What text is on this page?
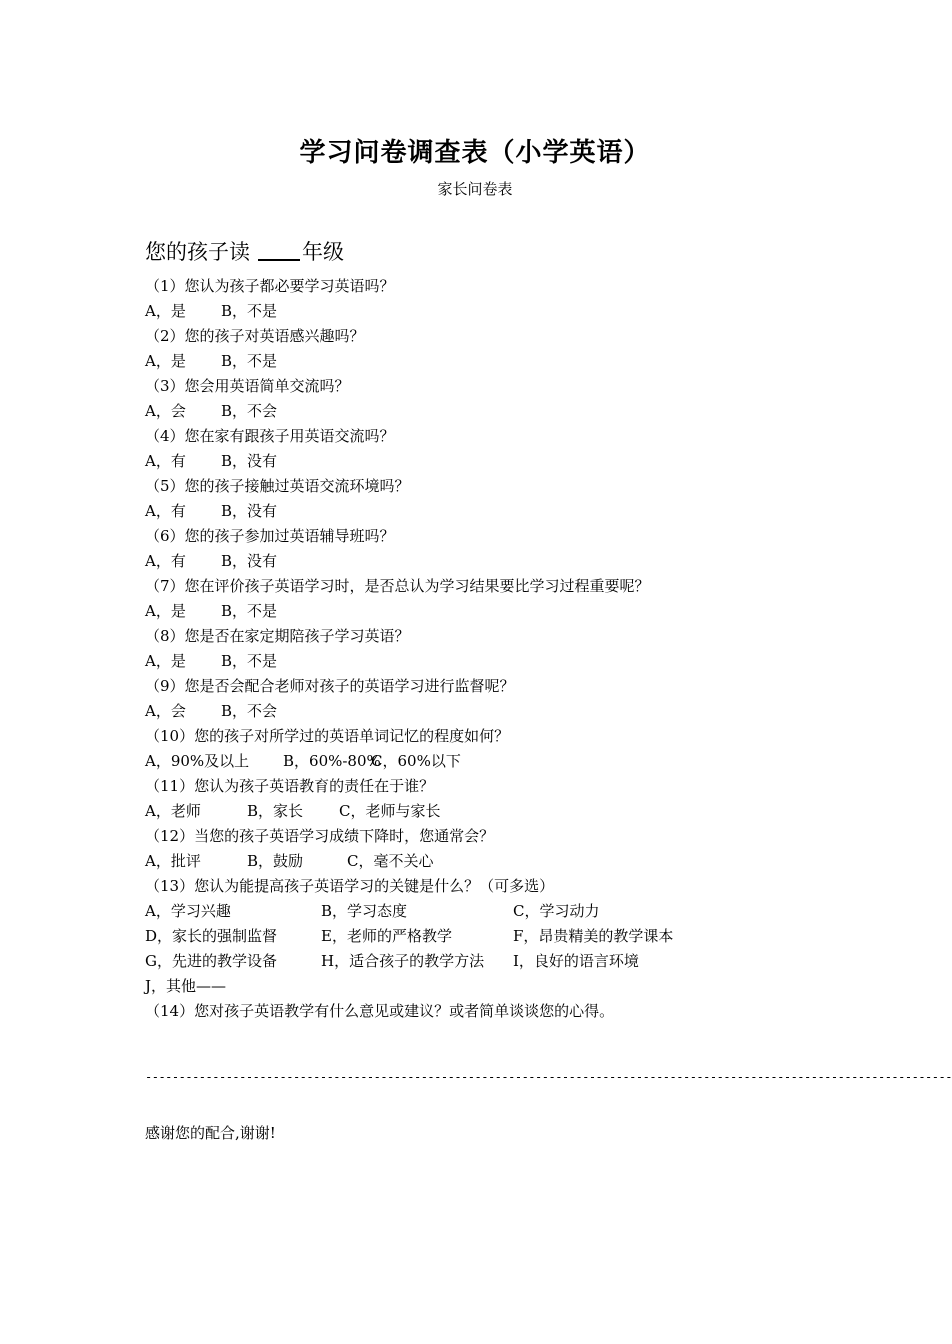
学习问卷调查表（小学英语）
家长问卷表
您的孩子读 年级
（1）您认为孩子都必要学习英语吗？
A，是 B，不是
（2）您的孩子对英语感兴趣吗？
A，是 B，不是
（3）您会用英语简单交流吗？
A，会 B，不会
（4）您在家有跟孩子用英语交流吗？
A，有 B，没有
（5）您的孩子接触过英语交流环境吗？
A，有 B，没有
（6）您的孩子参加过英语辅导班吗？
A，有 B，没有
（7）您在评价孩子英语学习时，是否总认为学习结果要比学习过程重要呢？
A，是 B，不是
（8）您是否在家定期陪孩子学习英语？
A，是 B，不是
（9）您是否会配合老师对孩子的英语学习进行监督呢？
A，会 B，不会
（10）您的孩子对所学过的英语单词记忆的程度如何？
A，90%及以上 B，60%-80%C，60%以下
（11）您认为孩子英语教育的责任在于谁？
A，老师	B，家长 C，老师与家长
（12）当您的孩子英语学习成绩下降时，您通常会？
A，批评	B，鼓励	C，毫不关心
（13）您认为能提高孩子英语学习的关键是什么？（可多选）
A，学习兴趣	B，学习态度	C，学习动力
D，家长的强制监督	E，老师的严格教学	F，昂贵精美的教学课本
G，先进的教学设备	H，适合孩子的教学方法 I，良好的语言环境
J，其他——
（14）您对孩子英语教学有什么意见或建议？或者简单谈谈您的心得。
------------------------------------------------------------------------------------------------------------------------
感谢您的配合,谢谢!
